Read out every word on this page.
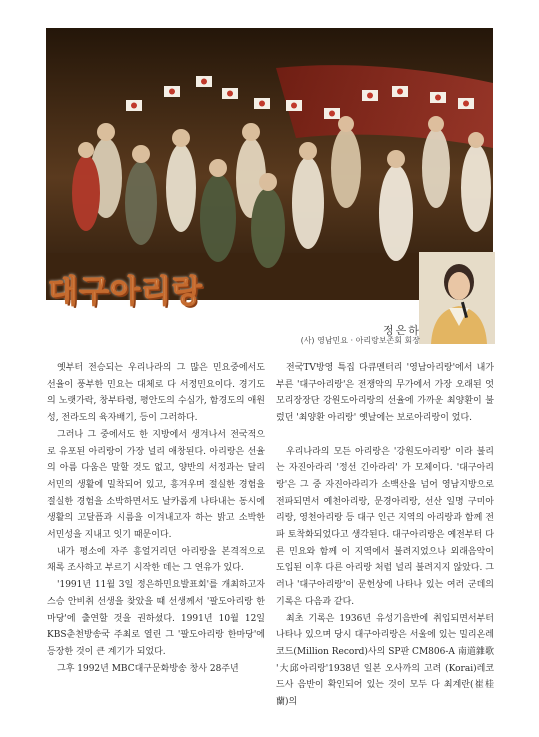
대구아리랑
정은하
(사) 영남민요 · 아리랑보존회 회장

옛부터 전승되는 우리나라의 그 많은 민요중에서도 선율이 풍부한 민요는 대체로 다 서정민요이다. 경기도의 노랫가락, 창부타령, 평안도의 수심가, 함경도의 애원성, 전라도의 육자배기, 등이 그러하다.

그러나 그 중에서도 한 지방에서 생겨나서 전국적으로 유포된 아리랑이 가장 널리 애창된다. 아리랑은 선율의 아름 다움은 말할 것도 없고, 양반의 서정과는 달리 서민의 생활에 밀착되어 있고, 흥겨우며 절실한 경험을 절실한 경험을 소박하면서도 날카롭게 나타내는 동시에 생활의 고달픔과 시름을 이겨내고자 하는 밝고 소박한 서민성을 지내고 잇기 때문이다.

내가 평소에 자주 흥얼거리던 아리랑을 본격적으로 채록 조사하고 부르기 시작한 데는 그 연유가 있다.

'1991년 11월 3일 정은하민요발표회'를 개최하고자 스승 안비취 선생을 찾았을 때 선생께서 '팔도아리랑 한마당'에 출연할 것을 권하셨다. 1991년 10월 12일 KBS춘천방송국 주최로 열린 그 '팔도아리랑 한마당'에 등장한 것이 큰 계기가 되었다.

그후 1992년 MBC대구문화방송 창사 28주년

전국TV방영 특집 다큐멘터리 '영남아리랑'에서 내가 부른 '대구아리랑'은 전쟁악의 무가에서 가장 오래된 엇모리장장단 강원도아리랑의 선율에 가까운 최양환이 불렀던 '최양환 아리랑' 옛날에는 보로아리랑이 었다.

우리나라의 모든 아리랑은 '강원도아리랑' 이라 불리는 자진아라리 '정선 긴아라리' 가 모체이다. '대구아리랑'은 그 중 자진아라리가 소백산을 넘어 영남지방으로 전파되면서 예천아리랑, 문경아리랑, 선산 일명 구미아리랑, 영천아리랑 등 대구 인근 지역의 아리랑과 함께 전파 토착화되었다고 생각된다. 대구아리랑은 예전부터 다른 민요와 함께 이 지역에서 불려지었으나 외래음악이 도입된 이후 다른 아리랑 처럼 널리 불려지지 않았다. 그러나 '대구아리랑'이 문헌상에 나타나 있는 여러 군데의 기록은 다음과 같다.

최초 기록은 1936년 유성기음반에 취입되면서부터 나타나 있으며 당시 대구아리랑은 서울에 있는 밀리온레코드(Million Record)사의 SP판 CM806-A 南道雜歌 '大邱아리랑'1938년 일본 오사까의 고려 (Korai)레코드사 음반이 확인되어 있는 것이 모두 다 최계란(崔桂蘭)의
